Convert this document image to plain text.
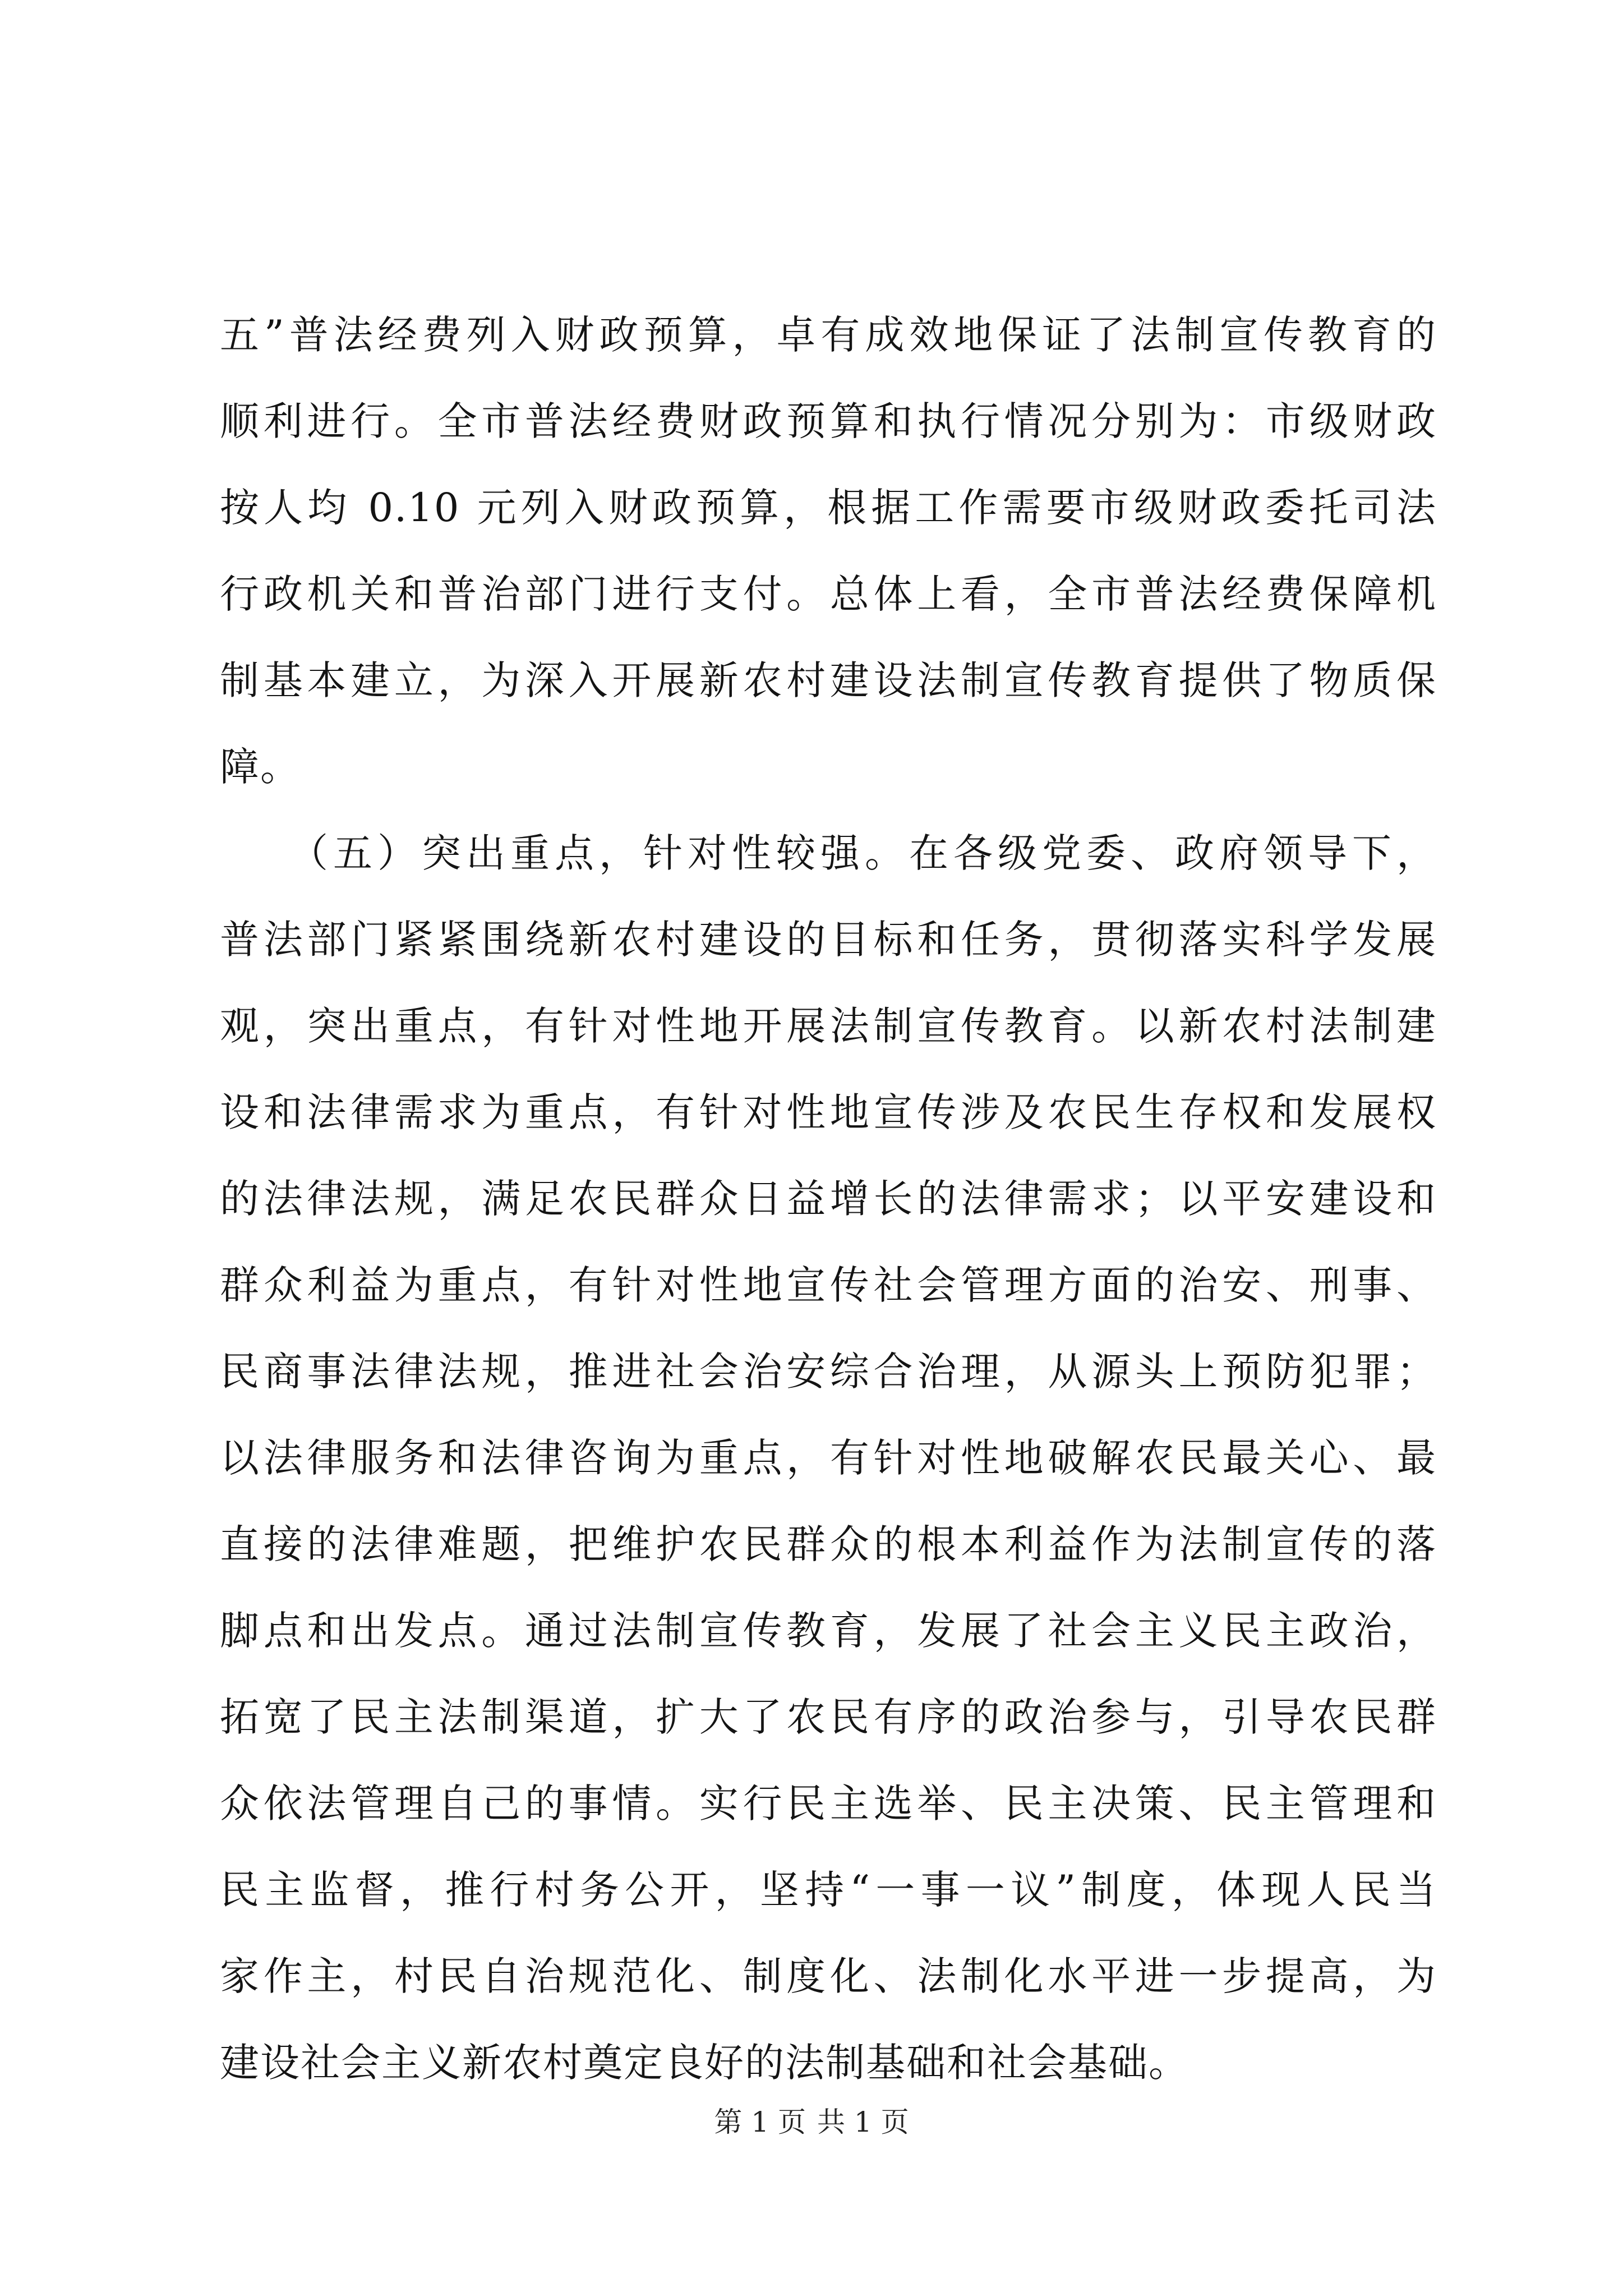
五”普法经费列入财政预算，卓有成效地保证了法制宣传教育的
顺利进行。全市普法经费财政预算和执行情况分别为：市级财政
按人均 0.10 元列入财政预算，根据工作需要市级财政委托司法
行政机关和普治部门进行支付。总体上看，全市普法经费保障机
制基本建立，为深入开展新农村建设法制宣传教育提供了物质保
障。
　　（五）突出重点，针对性较强。在各级党委、政府领导下，
普法部门紧紧围绕新农村建设的目标和任务，贯彻落实科学发展
观，突出重点，有针对性地开展法制宣传教育。以新农村法制建
设和法律需求为重点，有针对性地宣传涉及农民生存权和发展权
的法律法规，满足农民群众日益增长的法律需求；以平安建设和
群众利益为重点，有针对性地宣传社会管理方面的治安、刑事、
民商事法律法规，推进社会治安综合治理，从源头上预防犯罪；
以法律服务和法律咨询为重点，有针对性地破解农民最关心、最
直接的法律难题，把维护农民群众的根本利益作为法制宣传的落
脚点和出发点。通过法制宣传教育，发展了社会主义民主政治，
拓宽了民主法制渠道，扩大了农民有序的政治参与，引导农民群
众依法管理自己的事情。实行民主选举、民主决策、民主管理和
民主监督，推行村务公开，坚持“一事一议”制度，体现人民当
家作主，村民自治规范化、制度化、法制化水平进一步提高，为
建设社会主义新农村奠定良好的法制基础和社会基础。
第 1 页 共 1 页
